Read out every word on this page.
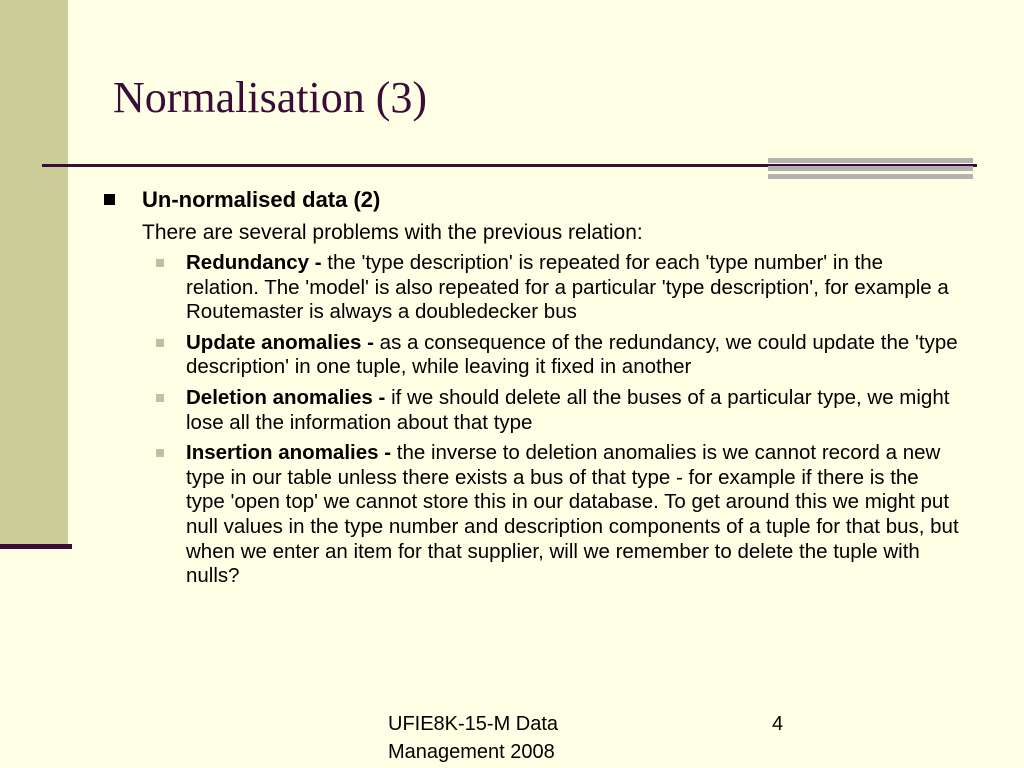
Normalisation (3)

Un-normalised data (2)

There are several problems with the previous relation:

Redundancy - the 'type description' is repeated for each 'type number' in the relation. The 'model' is also repeated for a particular 'type description', for example a Routemaster is always a doubledecker bus
Update anomalies - as a consequence of the redundancy, we could update the 'type description' in one tuple, while leaving it fixed in another
Deletion anomalies - if we should delete all the buses of a particular type, we might lose all the information about that type
Insertion anomalies - the inverse to deletion anomalies is we cannot record a new type in our table unless there exists a bus of that type - for example if there is the type 'open top' we cannot store this in our database. To get around this we might put null values in the type number and description components of a tuple for that bus, but when we enter an item for that supplier, will we remember to delete the tuple with nulls?

UFIE8K-15-M Data Management 2008

4
